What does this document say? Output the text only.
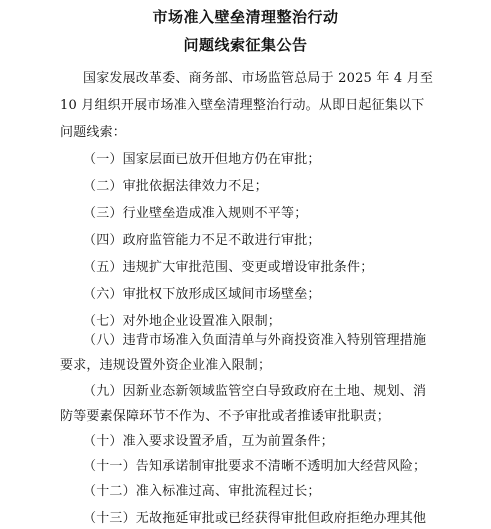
市场准入壁垒清理整治行动
问题线索征集公告
国家发展改革委、商务部、市场监管总局于 2025 年 4 月至
10 月组织开展市场准入壁垒清理整治行动。从即日起征集以下
问题线索：
（一）国家层面已放开但地方仍在审批；
（二）审批依据法律效力不足；
（三）行业壁垒造成准入规则不平等；
（四）政府监管能力不足不敢进行审批；
（五）违规扩大审批范围、变更或增设审批条件；
（六）审批权下放形成区域间市场壁垒；
（七）对外地企业设置准入限制；
（八）违背市场准入负面清单与外商投资准入特别管理措施
要求，违规设置外资企业准入限制；
（九）因新业态新领域监管空白导致政府在土地、规划、消
防等要素保障环节不作为、不予审批或者推诿审批职责；
（十）准入要求设置矛盾，互为前置条件；
（十一）告知承诺制审批要求不清晰不透明加大经营风险；
（十二）准入标准过高、审批流程过长；
（十三）无故拖延审批或已经获得审批但政府拒绝办理其他
